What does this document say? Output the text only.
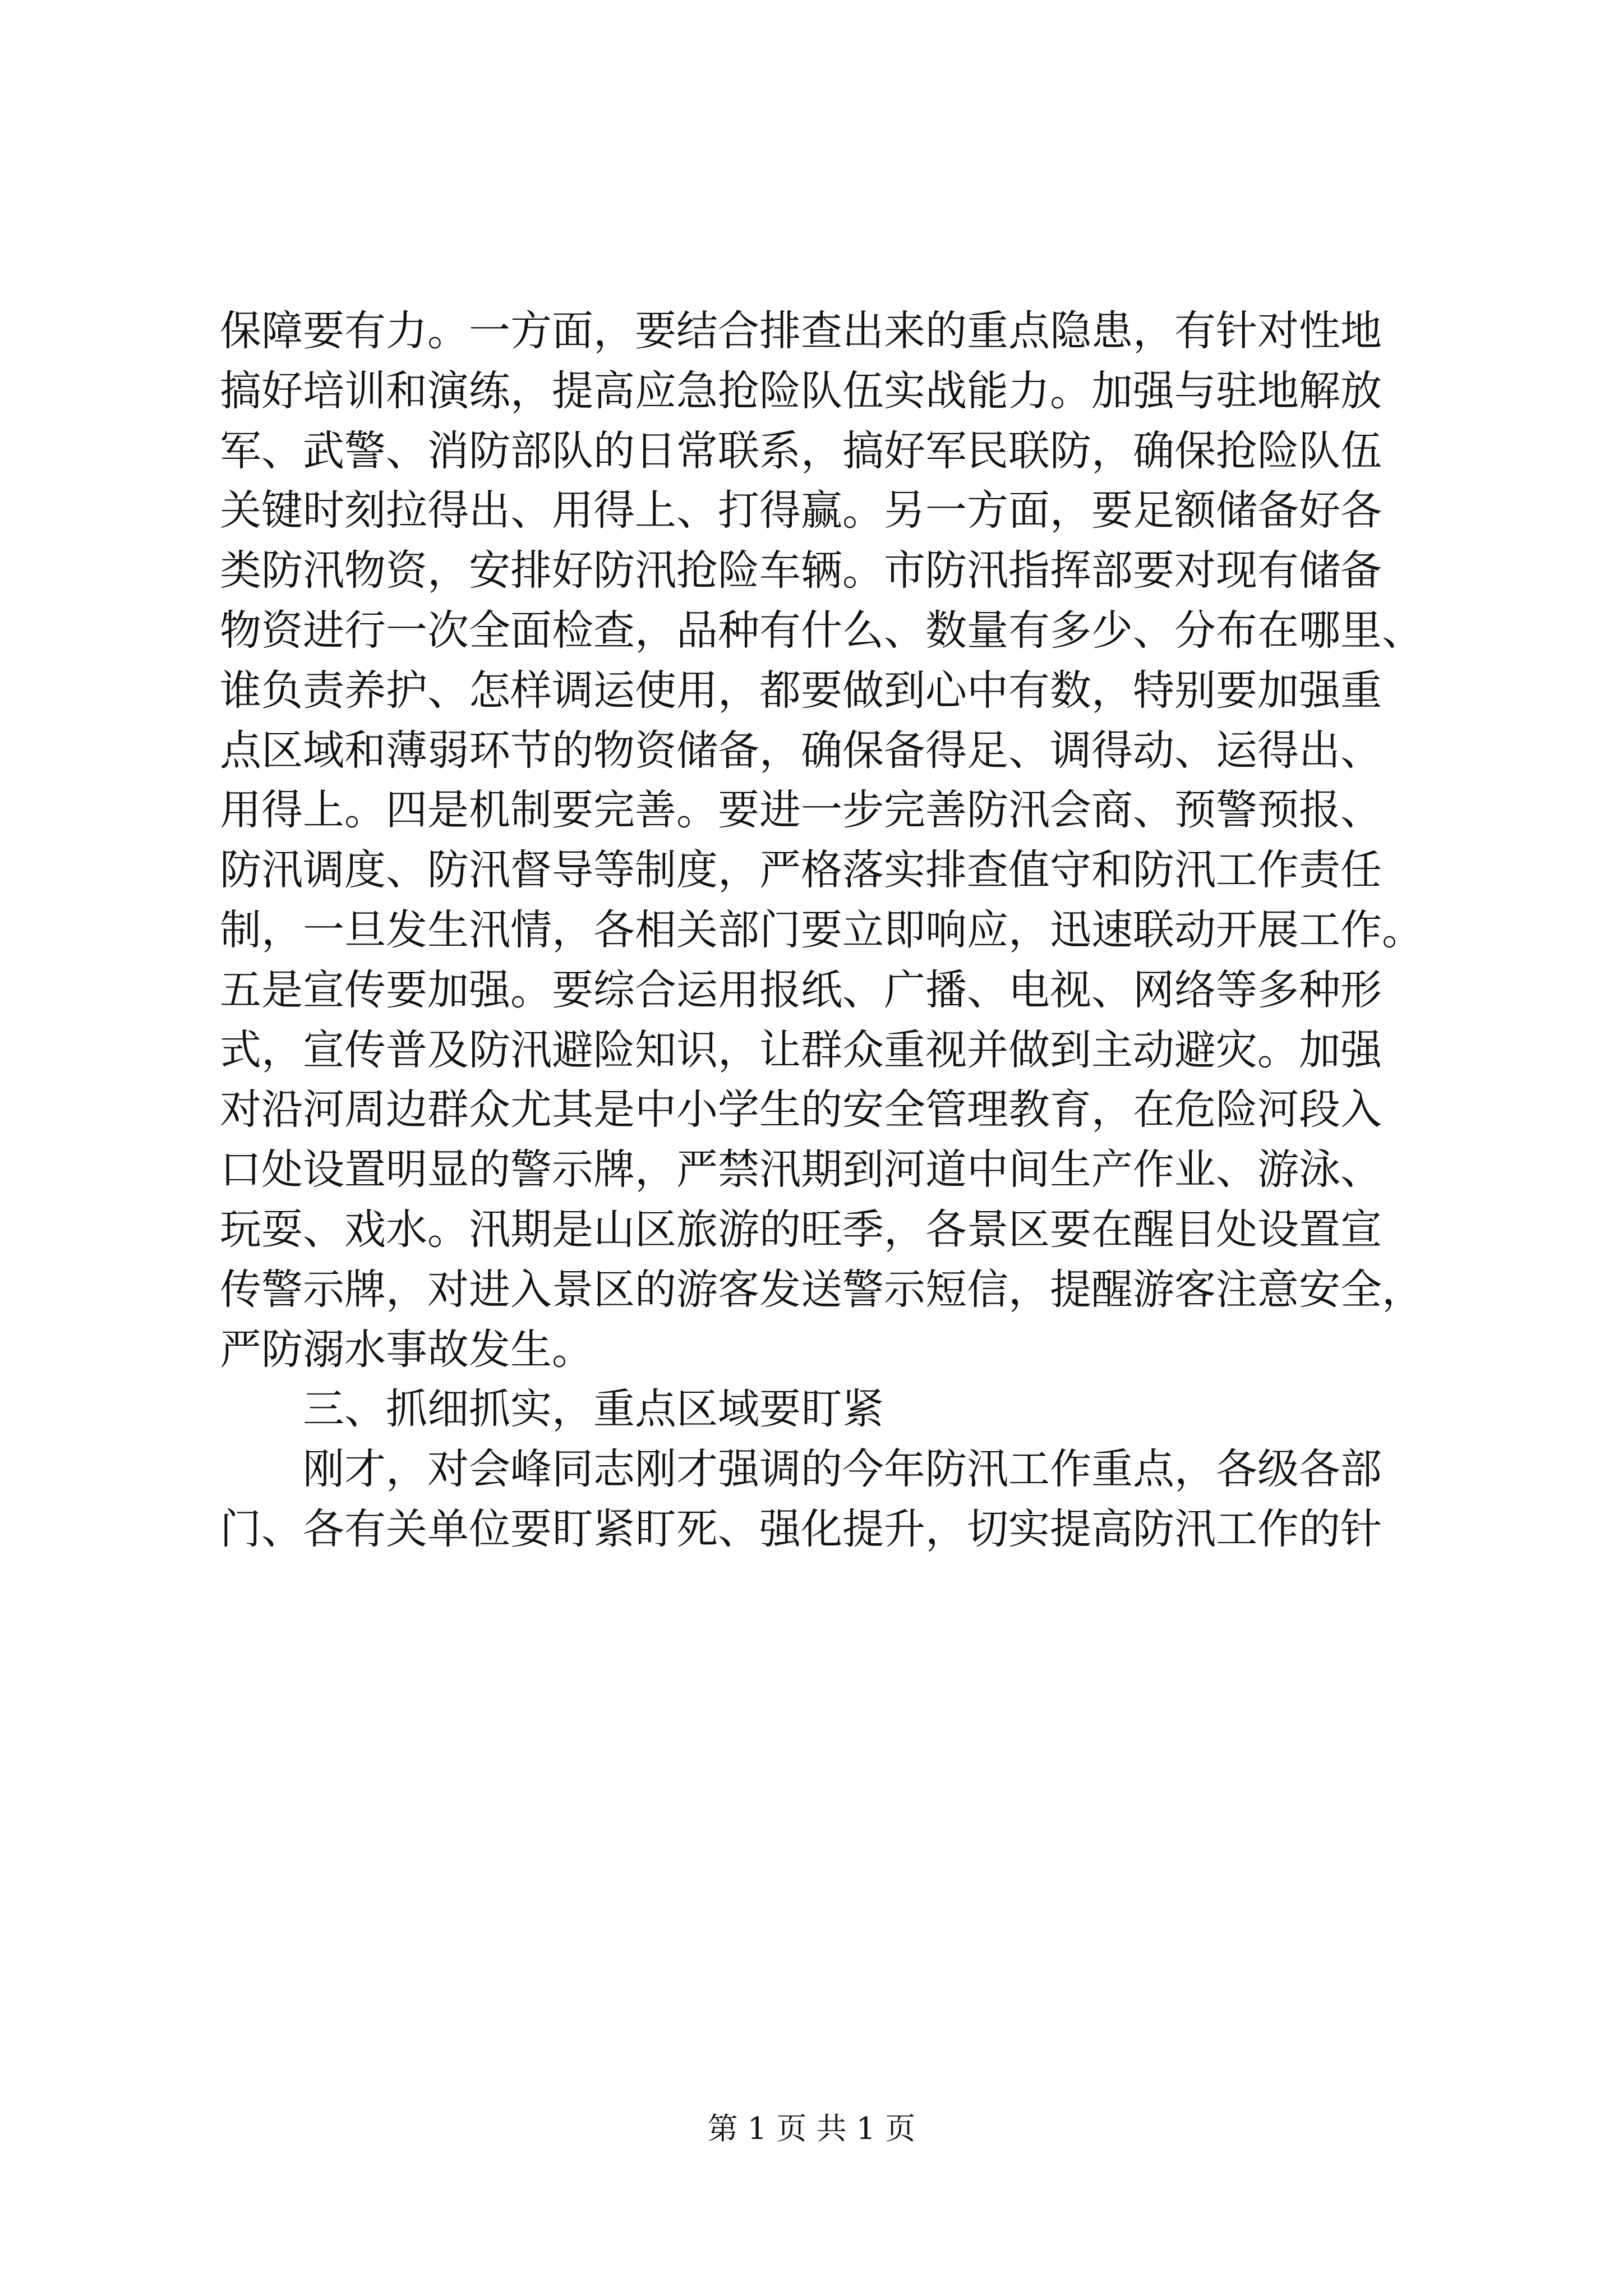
保障要有力。一方面，要结合排查出来的重点隐患，有针对性地
搞好培训和演练，提高应急抢险队伍实战能力。加强与驻地解放
军、武警、消防部队的日常联系，搞好军民联防，确保抢险队伍
关键时刻拉得出、用得上、打得赢。另一方面，要足额储备好各
类防汛物资，安排好防汛抢险车辆。市防汛指挥部要对现有储备
物资进行一次全面检查，品种有什么、数量有多少、分布在哪里、
谁负责养护、怎样调运使用，都要做到心中有数，特别要加强重
点区域和薄弱环节的物资储备，确保备得足、调得动、运得出、
用得上。四是机制要完善。要进一步完善防汛会商、预警预报、
防汛调度、防汛督导等制度，严格落实排查值守和防汛工作责任
制，一旦发生汛情，各相关部门要立即响应，迅速联动开展工作。
五是宣传要加强。要综合运用报纸、广播、电视、网络等多种形
式，宣传普及防汛避险知识，让群众重视并做到主动避灾。加强
对沿河周边群众尤其是中小学生的安全管理教育，在危险河段入
口处设置明显的警示牌，严禁汛期到河道中间生产作业、游泳、
玩耍、戏水。汛期是山区旅游的旺季，各景区要在醒目处设置宣
传警示牌，对进入景区的游客发送警示短信，提醒游客注意安全，
严防溺水事故发生。
三、抓细抓实，重点区域要盯紧
刚才，对会峰同志刚才强调的今年防汛工作重点，各级各部
门、各有关单位要盯紧盯死、强化提升，切实提高防汛工作的针
第 1 页 共 1 页
